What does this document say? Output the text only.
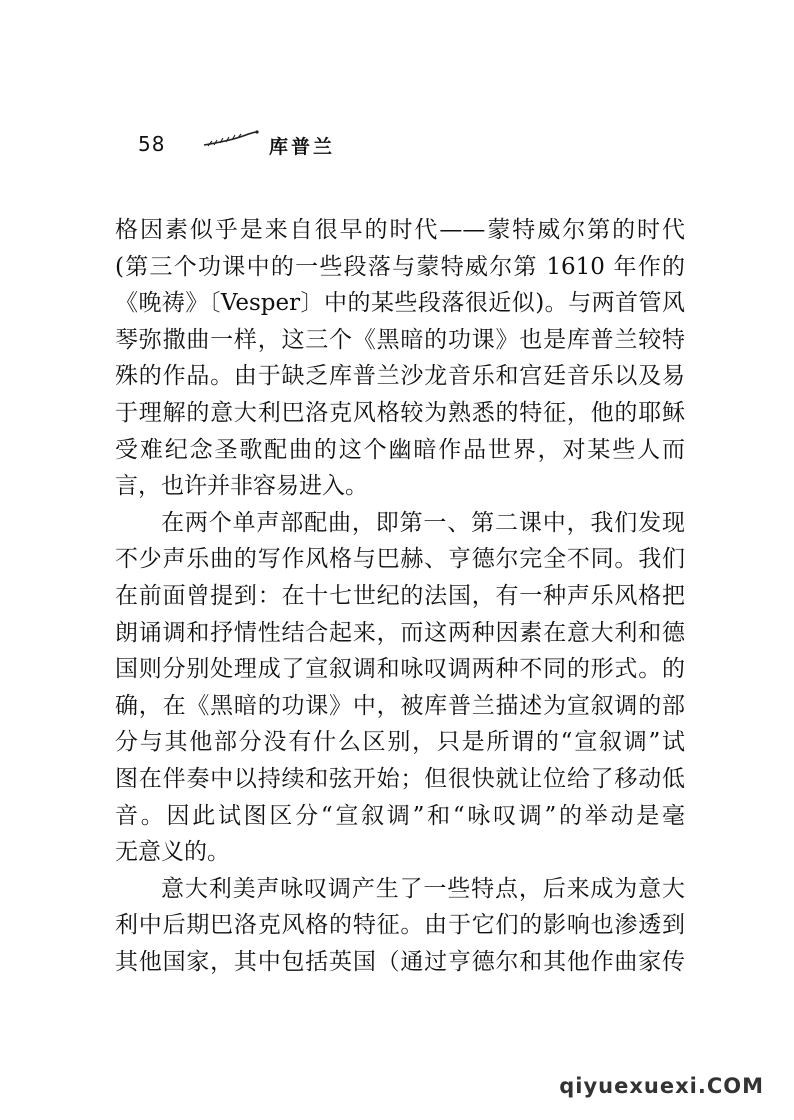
58	库普兰
格因素似乎是来自很早的时代——蒙特威尔第的时代
(第三个功课中的一些段落与蒙特威尔第 1610 年作的
《晚祷》〔Vesper〕中的某些段落很近似)。与两首管风
琴弥撒曲一样，这三个《黑暗的功课》也是库普兰较特
殊的作品。由于缺乏库普兰沙龙音乐和宫廷音乐以及易
于理解的意大利巴洛克风格较为熟悉的特征，他的耶稣
受难纪念圣歌配曲的这个幽暗作品世界，对某些人而
言，也许并非容易进入。
在两个单声部配曲，即第一、第二课中，我们发现
不少声乐曲的写作风格与巴赫、亨德尔完全不同。我们
在前面曾提到：在十七世纪的法国，有一种声乐风格把
朗诵调和抒情性结合起来，而这两种因素在意大利和德
国则分别处理成了宣叙调和咏叹调两种不同的形式。的
确，在《黑暗的功课》中，被库普兰描述为宣叙调的部
分与其他部分没有什么区别，只是所谓的“宣叙调”试
图在伴奏中以持续和弦开始；但很快就让位给了移动低
音。因此试图区分“宣叙调”和“咏叹调”的举动是毫
无意义的。
意大利美声咏叹调产生了一些特点，后来成为意大
利中后期巴洛克风格的特征。由于它们的影响也渗透到
其他国家，其中包括英国（通过亨德尔和其他作曲家传
qiyuexuexi.COM
